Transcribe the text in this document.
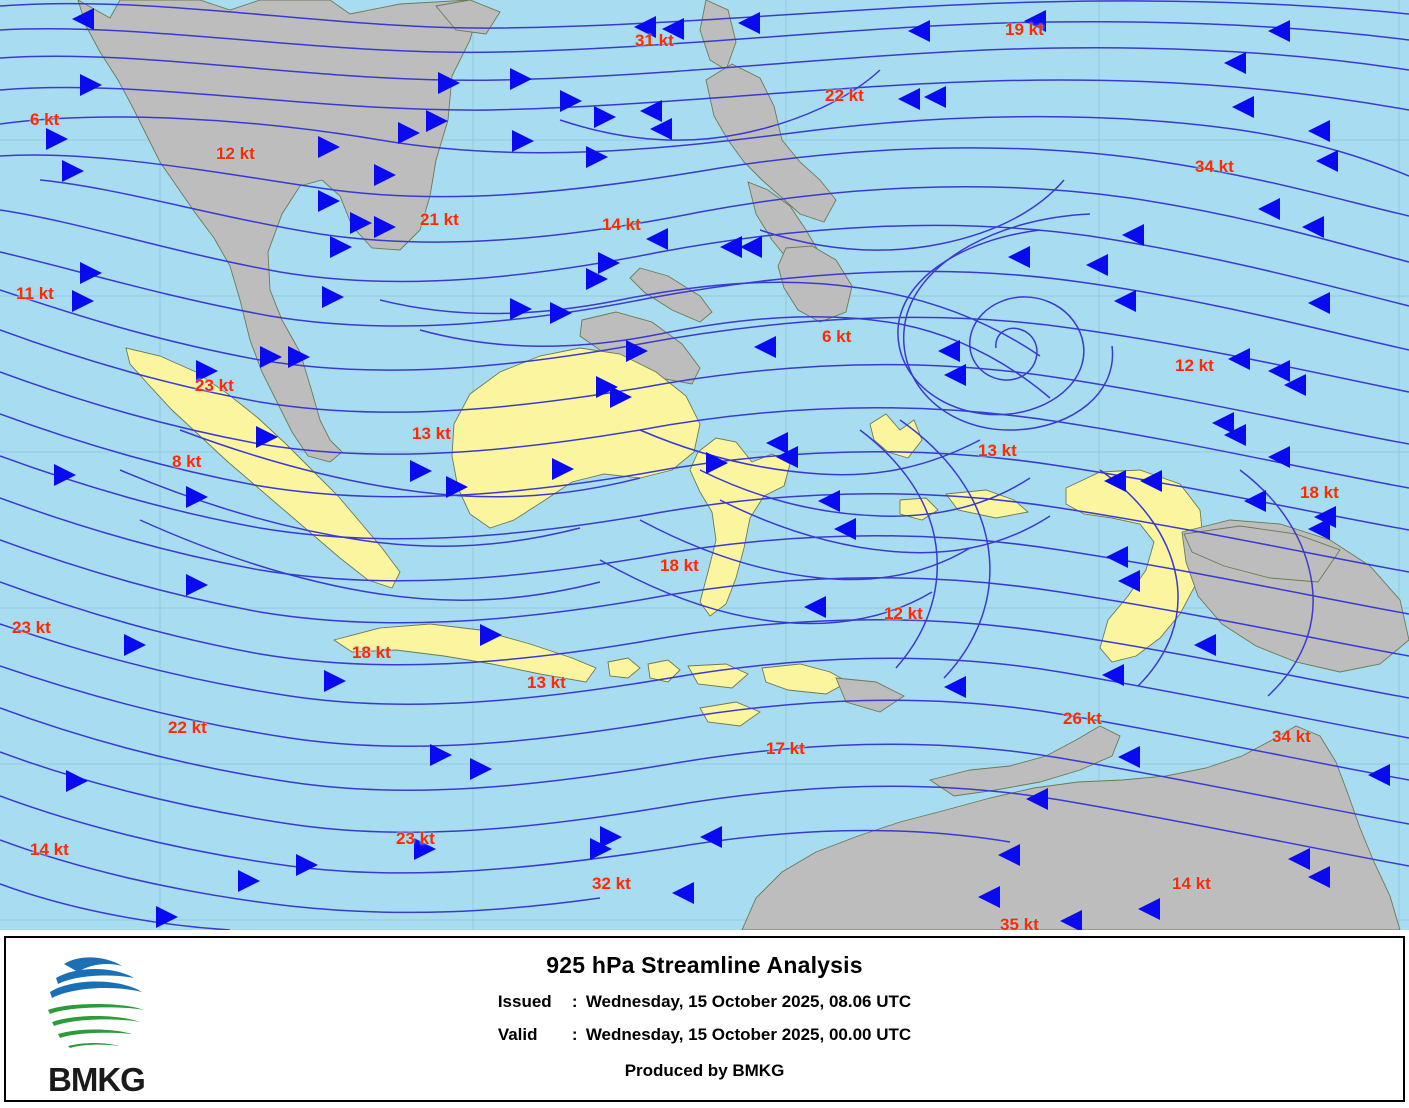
6 kt
31 kt
19 kt
22 kt
12 kt
34 kt
21 kt	14 kt
11 kt
6 kt
12 kt
23 kt
13 kt
13 kt
8 kt
18 kt
18 kt
12 kt
23 kt
18 kt
13 kt
26 kt
22 kt	34 kt
17 kt
23 kt
14 kt
32 kt	14 kt
35 kt
BMKG
925 hPa Streamline Analysis
Issued : Wednesday, 15 October 2025, 08.06 UTC
Valid : Wednesday, 15 October 2025, 00.00 UTC
Produced by BMKG
